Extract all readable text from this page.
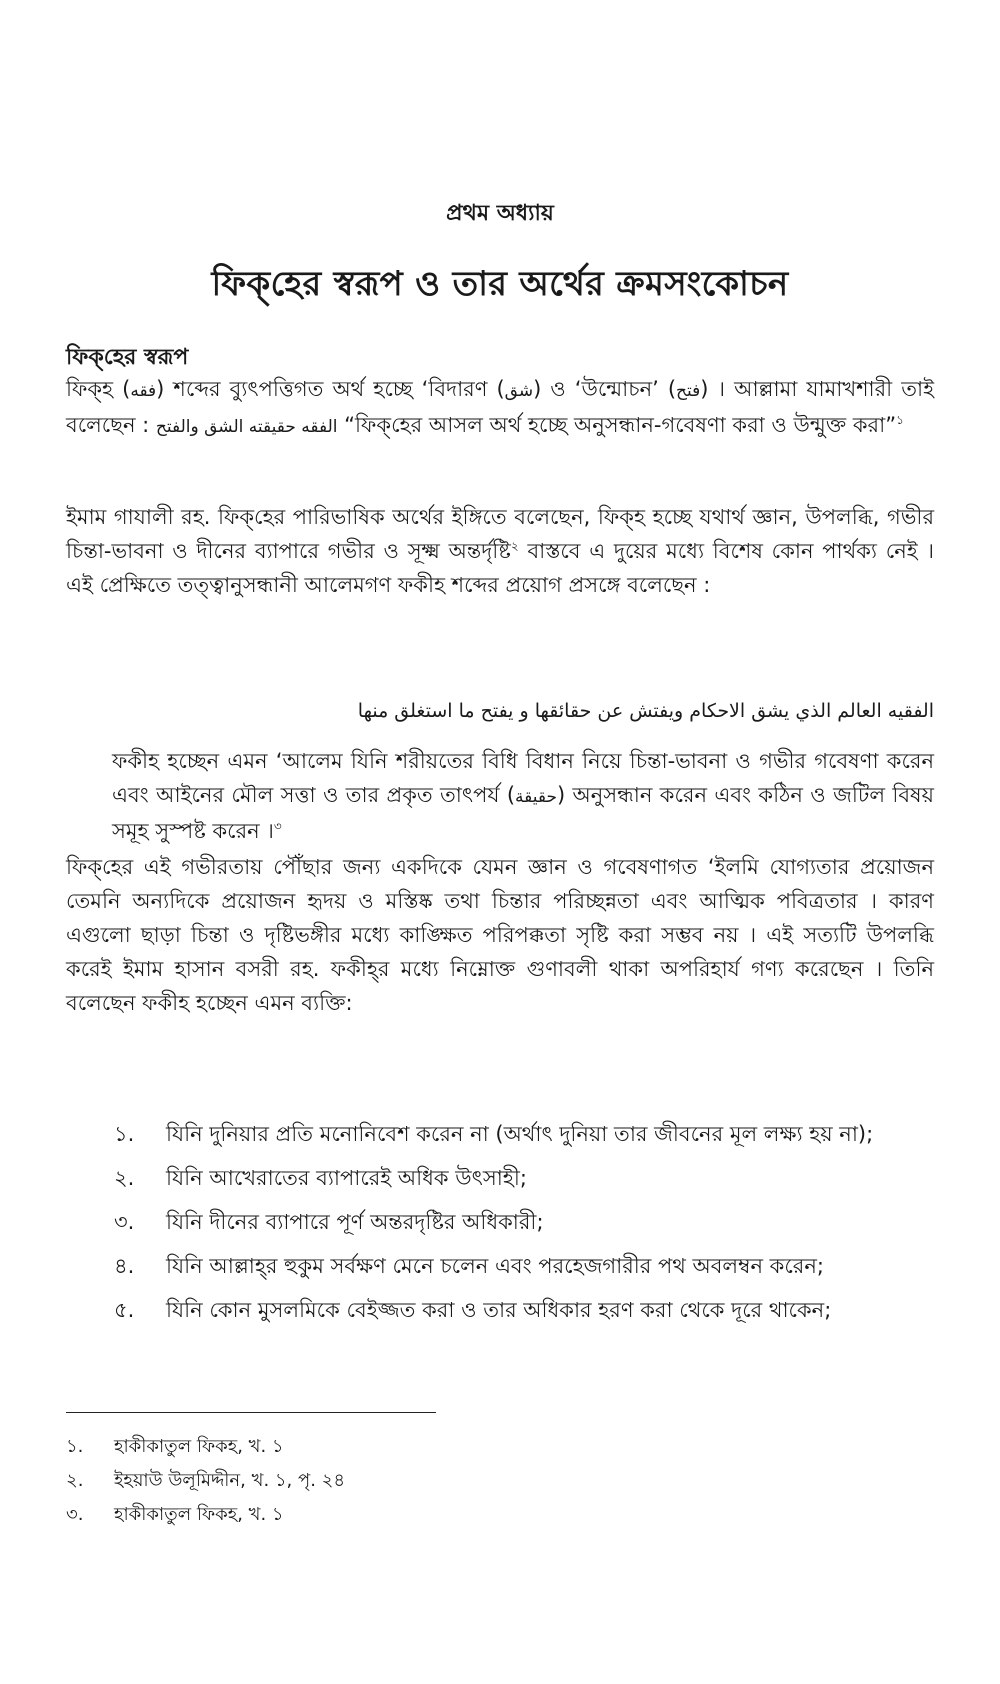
প্রথম অধ্যায়
ফিক্‌হের স্বরূপ ও তার অর্থের ক্রমসংকোচন
ফিক্‌হের স্বরূপ
ফিক্‌হ (فقه) শব্দের ব্যুৎপত্তিগত অর্থ হচ্ছে ‘বিদারণ (شق) ও ‘উন্মোচন’ (فتح) । আল্লামা যামাখশারী তাই বলেছেন : الفقه حقيقته الشق والفتح “ফিক্‌হের আসল অর্থ হচ্ছে অনুসন্ধান-গবেষণা করা ও উন্মুক্ত করা”$^১$
ইমাম গাযালী রহ. ফিক্‌হের পারিভাষিক অর্থের ইঙ্গিতে বলেছেন, ফিক্‌হ হচ্ছে যথার্থ জ্ঞান, উপলব্ধি, গভীর চিন্তা-ভাবনা ও দীনের ব্যাপারে গভীর ও সূক্ষ্ম অন্তর্দৃষ্টি$^২$ বাস্তবে এ দুয়ের মধ্যে বিশেষ কোন পার্থক্য নেই । এই প্রেক্ষিতে তত্ত্বানুসন্ধানী আলেমগণ ফকীহ শব্দের প্রয়োগ প্রসঙ্গে বলেছেন :
الفقيه العالم الذي يشق الاحكام ويفتش عن حقائقها و يفتح ما استغلق منها
ফকীহ হচ্ছেন এমন ‘আলেম যিনি শরীয়তের বিধি বিধান নিয়ে চিন্তা-ভাবনা ও গভীর গবেষণা করেন এবং আইনের মৌল সত্তা ও তার প্রকৃত তাৎপর্য (حقيقة) অনুসন্ধান করেন এবং কঠিন ও জটিল বিষয় সমূহ সুস্পষ্ট করেন ।$^৩$
ফিক্‌হের এই গভীরতায় পৌঁছার জন্য একদিকে যেমন জ্ঞান ও গবেষণাগত ‘ইলমি যোগ্যতার প্রয়োজন তেমনি অন্যদিকে প্রয়োজন হৃদয় ও মস্তিষ্ক তথা চিন্তার পরিচ্ছন্নতা এবং আত্মিক পবিত্রতার । কারণ এগুলো ছাড়া চিন্তা ও দৃষ্টিভঙ্গীর মধ্যে কাঙ্ক্ষিত পরিপক্কতা সৃষ্টি করা সম্ভব নয় । এই সত্যটি উপলব্ধি করেই ইমাম হাসান বসরী রহ. ফকীহ্‌র মধ্যে নিম্নোক্ত গুণাবলী থাকা অপরিহার্য গণ্য করেছেন । তিনি বলেছেন ফকীহ হচ্ছেন এমন ব্যক্তি:
১.	যিনি দুনিয়ার প্রতি মনোনিবেশ করেন না (অর্থাৎ দুনিয়া তার জীবনের মূল লক্ষ্য হয় না);
২.	যিনি আখেরাতের ব্যাপারেই অধিক উৎসাহী;
৩.	যিনি দীনের ব্যাপারে পূর্ণ অন্তরদৃষ্টির অধিকারী;
৪.	যিনি আল্লাহ্‌র হুকুম সর্বক্ষণ মেনে চলেন এবং পরহেজগারীর পথ অবলম্বন করেন;
৫.	যিনি কোন মুসলমিকে বেইজ্জত করা ও তার অধিকার হরণ করা থেকে দূরে থাকেন;
১. হাকীকাতুল ফিকহ, খ. ১
২. ইহয়াউ উলূমিদ্দীন, খ. ১, পৃ. ২৪
৩. হাকীকাতুল ফিকহ, খ. ১
